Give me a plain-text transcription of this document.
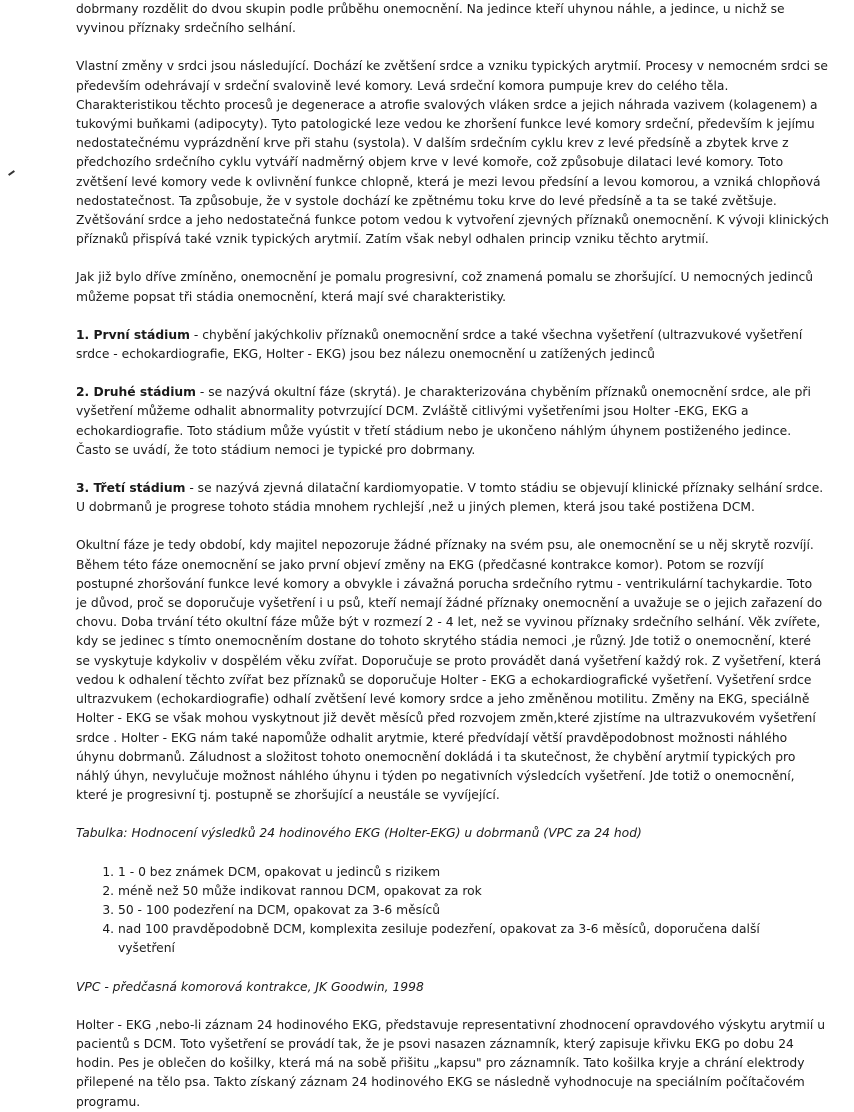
dobrmany rozdělit do dvou skupin podle průběhu onemocnění. Na jedince kteří uhynou náhle, a jedince, u nichž se
vyvinou příznaky srdečního selhání.

Vlastní změny v srdci jsou následující. Dochází ke zvětšení srdce a vzniku typických arytmií. Procesy v nemocném srdci se
především odehrávají v srdeční svalovině levé komory. Levá srdeční komora pumpuje krev do celého těla.
Charakteristikou těchto procesů je degenerace a atrofie svalových vláken srdce a jejich náhrada vazivem (kolagenem) a
tukovými buňkami (adipocyty). Tyto patologické leze vedou ke zhoršení funkce levé komory srdeční, především k jejímu
nedostatečnému vyprázdnění krve při stahu (systola). V dalším srdečním cyklu krev z levé předsíně a zbytek krve z
předchozího srdečního cyklu vytváří nadměrný objem krve v levé komoře, což způsobuje dilataci levé komory. Toto
zvětšení levé komory vede k ovlivnění funkce chlopně, která je mezi levou předsíní a levou komorou, a vzniká chlopňová
nedostatečnost. Ta způsobuje, že v systole dochází ke zpětnému toku krve do levé předsíně a ta se také zvětšuje.
Zvětšování srdce a jeho nedostatečná funkce potom vedou k vytvoření zjevných příznaků onemocnění. K vývoji klinických
příznaků přispívá také vznik typických arytmií. Zatím však nebyl odhalen princip vzniku těchto arytmií.

Jak již bylo dříve zmíněno, onemocnění je pomalu progresivní, což znamená pomalu se zhoršující. U nemocných jedinců
můžeme popsat tři stádia onemocnění, která mají své charakteristiky.

1. První stádium - chybění jakýchkoliv příznaků onemocnění srdce a také všechna vyšetření (ultrazvukové vyšetření
srdce - echokardiografie, EKG, Holter - EKG) jsou bez nálezu onemocnění u zatížených jedinců

2. Druhé stádium - se nazývá okultní fáze (skrytá). Je charakterizována chyběním příznaků onemocnění srdce, ale při
vyšetření můžeme odhalit abnormality potvrzující DCM. Zvláště citlivými vyšetřeními jsou Holter -EKG, EKG a
echokardiografie. Toto stádium může vyústit v třetí stádium nebo je ukončeno náhlým úhynem postiženého jedince.
Často se uvádí, že toto stádium nemoci je typické pro dobrmany.

3. Třetí stádium - se nazývá zjevná dilatační kardiomyopatie. V tomto stádiu se objevují klinické příznaky selhání srdce.
U dobrmanů je progrese tohoto stádia mnohem rychlejší ,než u jiných plemen, která jsou také postižena DCM.

Okultní fáze je tedy období, kdy majitel nepozoruje žádné příznaky na svém psu, ale onemocnění se u něj skrytě rozvíjí.
Během této fáze onemocnění se jako první objeví změny na EKG (předčasné kontrakce komor). Potom se rozvíjí
postupné zhoršování funkce levé komory a obvykle i závažná porucha srdečního rytmu - ventrikulární tachykardie. Toto
je důvod, proč se doporučuje vyšetření i u psů, kteří nemají žádné příznaky onemocnění a uvažuje se o jejich zařazení do
chovu. Doba trvání této okultní fáze může být v rozmezí 2 - 4 let, než se vyvinou příznaky srdečního selhání. Věk zvířete,
kdy se jedinec s tímto onemocněním dostane do tohoto skrytého stádia nemoci ,je různý. Jde totiž o onemocnění, které
se vyskytuje kdykoliv v dospělém věku zvířat. Doporučuje se proto provádět daná vyšetření každý rok. Z vyšetření, která
vedou k odhalení těchto zvířat bez příznaků se doporučuje Holter - EKG a echokardiografické vyšetření. Vyšetření srdce
ultrazvukem (echokardiografie) odhalí zvětšení levé komory srdce a jeho změněnou motilitu. Změny na EKG, speciálně
Holter - EKG se však mohou vyskytnout již devět měsíců před rozvojem změn,které zjistíme na ultrazvukovém vyšetření
srdce . Holter - EKG nám také napomůže odhalit arytmie, které předvídají větší pravděpodobnost možnosti náhlého
úhynu dobrmanů. Záludnost a složitost tohoto onemocnění dokládá i ta skutečnost, že chybění arytmií typických pro
náhlý úhyn, nevylučuje možnost náhlého úhynu i týden po negativních výsledcích vyšetření. Jde totiž o onemocnění,
které je progresivní tj. postupně se zhoršující a neustále se vyvíjející.

Tabulka: Hodnocení výsledků 24 hodinového EKG (Holter-EKG) u dobrmanů (VPC za 24 hod)

1. 1 - 0 bez známek DCM, opakovat u jedinců s rizikem
2. méně než 50 může indikovat rannou DCM, opakovat za rok
3. 50 - 100 podezření na DCM, opakovat za 3-6 měsíců
4. nad 100 pravděpodobně DCM, komplexita zesiluje podezření, opakovat za 3-6 měsíců, doporučena další vyšetření

VPC - předčasná komorová kontrakce, JK Goodwin, 1998

Holter - EKG ,nebo-li záznam 24 hodinového EKG, představuje representativní zhodnocení opravdového výskytu arytmií u
pacientů s DCM. Toto vyšetření se provádí tak, že je psovi nasazen záznamník, který zapisuje křivku EKG po dobu 24
hodin. Pes je oblečen do košilky, která má na sobě přišitu „kapsu" pro záznamník. Tato košilka kryje a chrání elektrody
přilepené na tělo psa. Takto získaný záznam 24 hodinového EKG se následně vyhodnocuje na speciálním počítačovém
programu.
